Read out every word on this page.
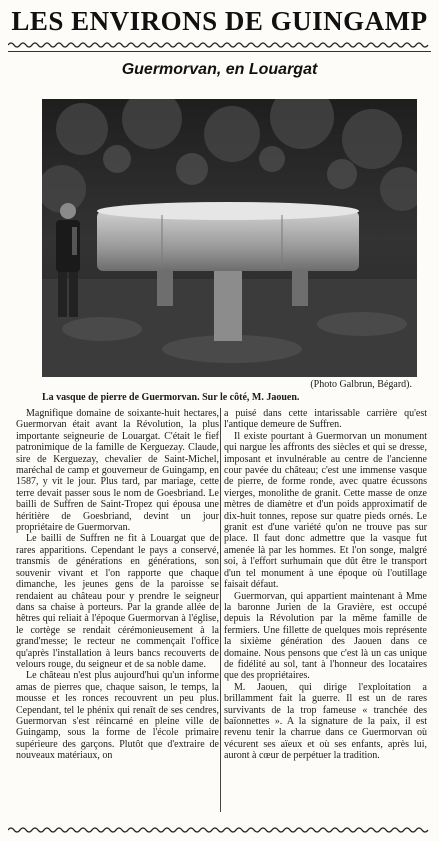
LES ENVIRONS DE GUINGAMP
Guermorvan, en Louargat
(Photo Galbrun, Bégard).
La vasque de pierre de Guermorvan. Sur le côté, M. Jaouen.

Magnifique domaine de soixante-huit hectares, Guermorvan était avant la Révolution, la plus importante seigneurie de Louargat. C'était le fief patronimique de la famille de Kerguezay. Claude, sire de Kerguezay, chevalier de Saint-Michel, maréchal de camp et gouverneur de Guingamp, en 1587, y vit le jour. Plus tard, par mariage, cette terre devait passer sous le nom de Goesbriand. Le bailli de Suffren de Saint-Tropez qui épousa une héritière de Goesbriand, devint un jour propriétaire de Guermorvan.

Le bailli de Suffren ne fit à Louargat que de rares apparitions. Cependant le pays a conservé, transmis de générations en générations, son souvenir vivant et l'on rapporte que chaque dimanche, les jeunes gens de la paroisse se rendaient au château pour y prendre le seigneur dans sa chaise à porteurs. Par la grande allée de hêtres qui reliait à l'époque Guermorvan à l'église, le cortège se rendait cérémonieusement à la grand'messe; le recteur ne commençait l'office qu'après l'installation à leurs bancs recouverts de velours rouge, du seigneur et de sa noble dame.

Le château n'est plus aujourd'hui qu'un informe amas de pierres que, chaque saison, le temps, la mousse et les ronces recouvrent un peu plus. Cependant, tel le phénix qui renaît de ses cendres, Guermorvan s'est réincarné en pleine ville de Guingamp, sous la forme de l'école primaire supérieure des garçons. Plutôt que d'extraire de nouveaux matériaux, on

a puisé dans cette intarissable carrière qu'est l'antique demeure de Suffren.

Il existe pourtant à Guermorvan un monument qui nargue les affronts des siècles et qui se dresse, imposant et invulnérable au centre de l'ancienne cour pavée du château; c'est une immense vasque de pierre, de forme ronde, avec quatre écussons vierges, monolithe de granit. Cette masse de onze mètres de diamètre et d'un poids approximatif de dix-huit tonnes, repose sur quatre pieds ornés. Le granit est d'une variété qu'on ne trouve pas sur place. Il faut donc admettre que la vasque fut amenée là par les hommes. Et l'on songe, malgré soi, à l'effort surhumain que dût être le transport d'un tel monument à une époque où l'outillage faisait défaut.

Guermorvan, qui appartient maintenant à Mme la baronne Jurien de la Gravière, est occupé depuis la Révolution par la même famille de fermiers. Une fillette de quelques mois représente la sixième génération des Jaouen dans ce domaine. Nous pensons que c'est là un cas unique de fidélité au sol, tant à l'honneur des locataires que des propriétaires.

M. Jaouen, qui dirige l'exploitation a brillamment fait la guerre. Il est un de rares survivants de la trop fameuse « tranchée des baïonnettes ». A la signature de la paix, il est revenu tenir la charrue dans ce Guermorvan où vécurent ses aïeux et où ses enfants, après lui, auront à cœur de perpétuer la tradition.
